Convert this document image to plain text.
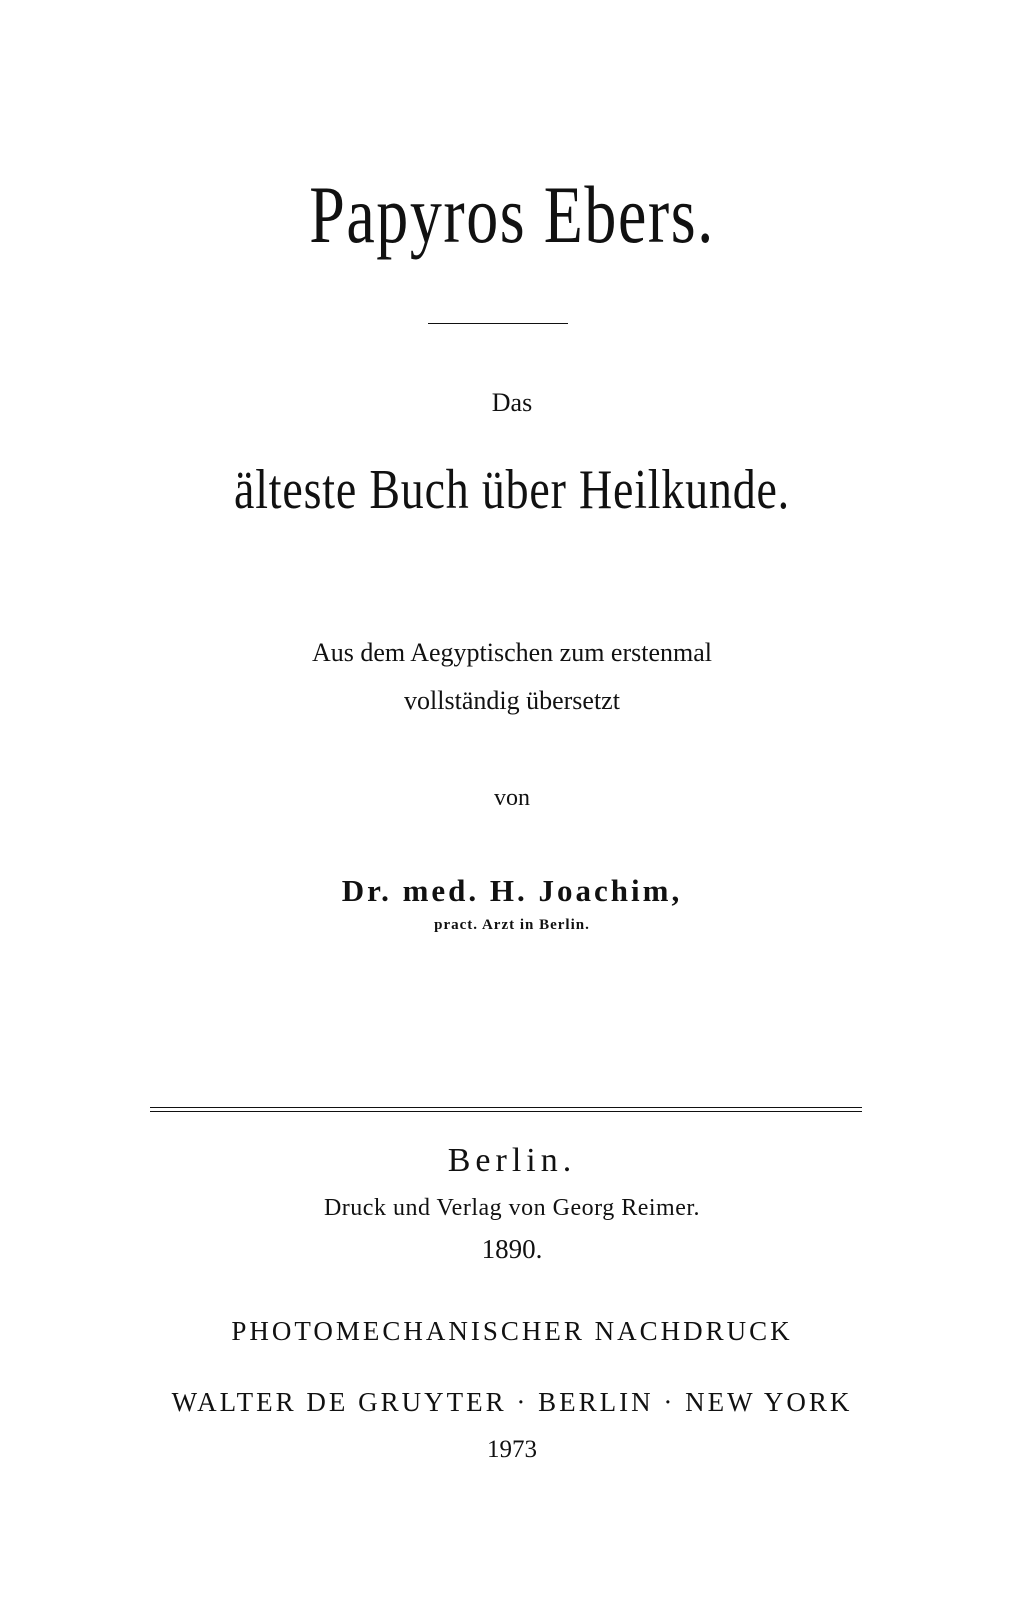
Papyros Ebers.
Das
älteste Buch über Heilkunde.
Aus dem Aegyptischen zum erstenmal
vollständig übersetzt
von
Dr. med. H. Joachim,
pract. Arzt in Berlin.
Berlin.
Druck und Verlag von Georg Reimer.
1890.
PHOTOMECHANISCHER NACHDRUCK
WALTER DE GRUYTER · BERLIN · NEW YORK
1973
